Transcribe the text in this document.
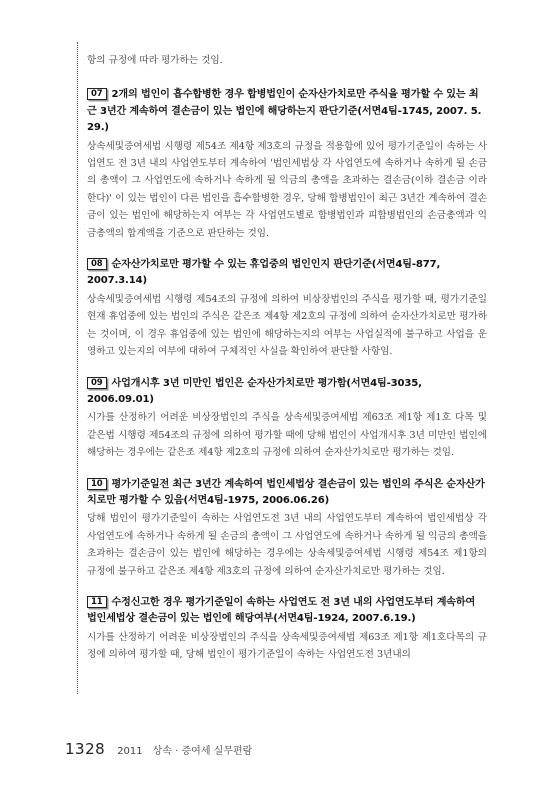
항의 규정에 따라 평가하는 것임.

07 2개의 법인이 흡수합병한 경우 합병법인이 순자산가치로만 주식을 평가할 수 있는 최근 3년간 계속하여 결손금이 있는 법인에 해당하는지 판단기준(서면4팀-1745, 2007. 5. 29.)

상속세및증여세법 시행령 제54조 제4항 제3호의 규정을 적용함에 있어 평가기준일이 속하는 사업연도 전 3년 내의 사업연도부터 계속하여 '법인세법상 각 사업연도에 속하거나 속하게 될 손금의 총액이 그 사업연도에 속하거나 속하게 될 익금의 총액을 초과하는 결손금(이하 결손금 이라 한다)' 이 있는 법인이 다른 법인을 흡수합병한 경우, 당해 합병법인이 최근 3년간 계속하여 결손금이 있는 법인에 해당하는지 여부는 각 사업연도별로 합병법인과 피합병법인의 손금총액과 익금총액의 합계액을 기준으로 판단하는 것임.

08 순자산가치로만 평가할 수 있는 휴업중의 법인인지 판단기준(서면4팀-877, 2007.3.14)

상속세및증여세법 시행령 제54조의 규정에 의하여 비상장법인의 주식을 평가할 때, 평가기준일 현재 휴업중에 있는 법인의 주식은 같은조 제4항 제2호의 규정에 의하여 순자산가치로만 평가하는 것이며, 이 경우 휴업중에 있는 법인에 해당하는지의 여부는 사업실적에 불구하고 사업을 운영하고 있는지의 여부에 대하여 구체적인 사실을 확인하여 판단할 사항임.

09 사업개시후 3년 미만인 법인은 순자산가치로만 평가함(서면4팀-3035, 2006.09.01)

시가를 산정하기 어려운 비상장법인의 주식을 상속세및증여세법 제63조 제1항 제1호 다목 및 같은법 시행령 제54조의 규정에 의하여 평가할 때에 당해 법인이 사업개시후 3년 미만인 법인에 해당하는 경우에는 같은조 제4항 제2호의 규정에 의하여 순자산가치로만 평가하는 것임.

10 평가기준일전 최근 3년간 계속하여 법인세법상 결손금이 있는 법인의 주식은 순자산가치로만 평가할 수 있음(서면4팀-1975, 2006.06.26)

당해 법인이 평가기준일이 속하는 사업연도전 3년 내의 사업연도부터 계속하여 법인세법상 각 사업연도에 속하거나 속하게 될 손금의 총액이 그 사업연도에 속하거나 속하게 될 익금의 총액을 초과하는 결손금이 있는 법인에 해당하는 경우에는 상속세및증여세법 시행령 제54조 제1항의 규정에 불구하고 같은조 제4항 제3호의 규정에 의하여 순자산가치로만 평가하는 것임.

11 수정신고한 경우 평가기준일이 속하는 사업연도 전 3년 내의 사업연도부터 계속하여 법인세법상 결손금이 있는 법인에 해당여부(서면4팀-1924, 2007.6.19.)

시가를 산정하기 어려운 비상장법인의 주식을 상속세및증여세법 제63조 제1항 제1호다목의 규정에 의하여 평가할 때, 당해 법인이 평가기준일이 속하는 사업연도전 3년내의

1328 2011 상속 · 증여세 실무편람
